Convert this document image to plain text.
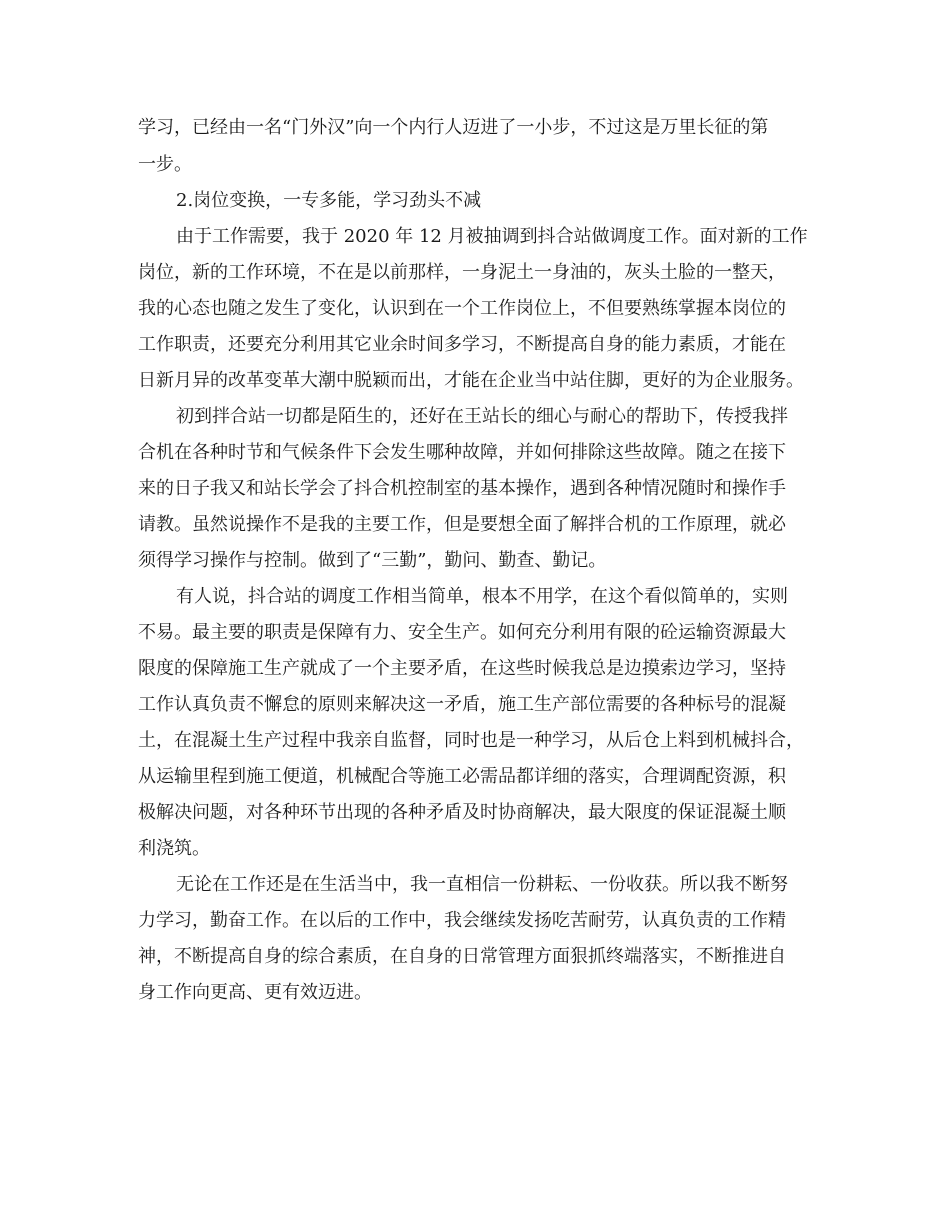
学习，已经由一名“门外汉”向一个内行人迈进了一小步，不过这是万里长征的第

一步。

2.岗位变换，一专多能，学习劲头不减

由于工作需要，我于 2020 年 12 月被抽调到抖合站做调度工作。面对新的工作

岗位，新的工作环境，不在是以前那样，一身泥土一身油的，灰头土脸的一整天，

我的心态也随之发生了变化，认识到在一个工作岗位上，不但要熟练掌握本岗位的

工作职责，还要充分利用其它业余时间多学习，不断提高自身的能力素质，才能在

日新月异的改革变革大潮中脱颖而出，才能在企业当中站住脚，更好的为企业服务。

初到拌合站一切都是陌生的，还好在王站长的细心与耐心的帮助下，传授我拌

合机在各种时节和气候条件下会发生哪种故障，并如何排除这些故障。随之在接下

来的日子我又和站长学会了抖合机控制室的基本操作，遇到各种情况随时和操作手

请教。虽然说操作不是我的主要工作，但是要想全面了解拌合机的工作原理，就必

须得学习操作与控制。做到了“三勤”，勤问、勤查、勤记。

有人说，抖合站的调度工作相当简单，根本不用学，在这个看似简单的，实则

不易。最主要的职责是保障有力、安全生产。如何充分利用有限的砼运输资源最大

限度的保障施工生产就成了一个主要矛盾，在这些时候我总是边摸索边学习，坚持

工作认真负责不懈怠的原则来解决这一矛盾，施工生产部位需要的各种标号的混凝

土，在混凝土生产过程中我亲自监督，同时也是一种学习，从后仓上料到机械抖合，

从运输里程到施工便道，机械配合等施工必需品都详细的落实，合理调配资源，积

极解决问题，对各种环节出现的各种矛盾及时协商解决，最大限度的保证混凝土顺

利浇筑。

无论在工作还是在生活当中，我一直相信一份耕耘、一份收获。所以我不断努

力学习，勤奋工作。在以后的工作中，我会继续发扬吃苦耐劳，认真负责的工作精

神，不断提高自身的综合素质，在自身的日常管理方面狠抓终端落实，不断推进自

身工作向更高、更有效迈进。
